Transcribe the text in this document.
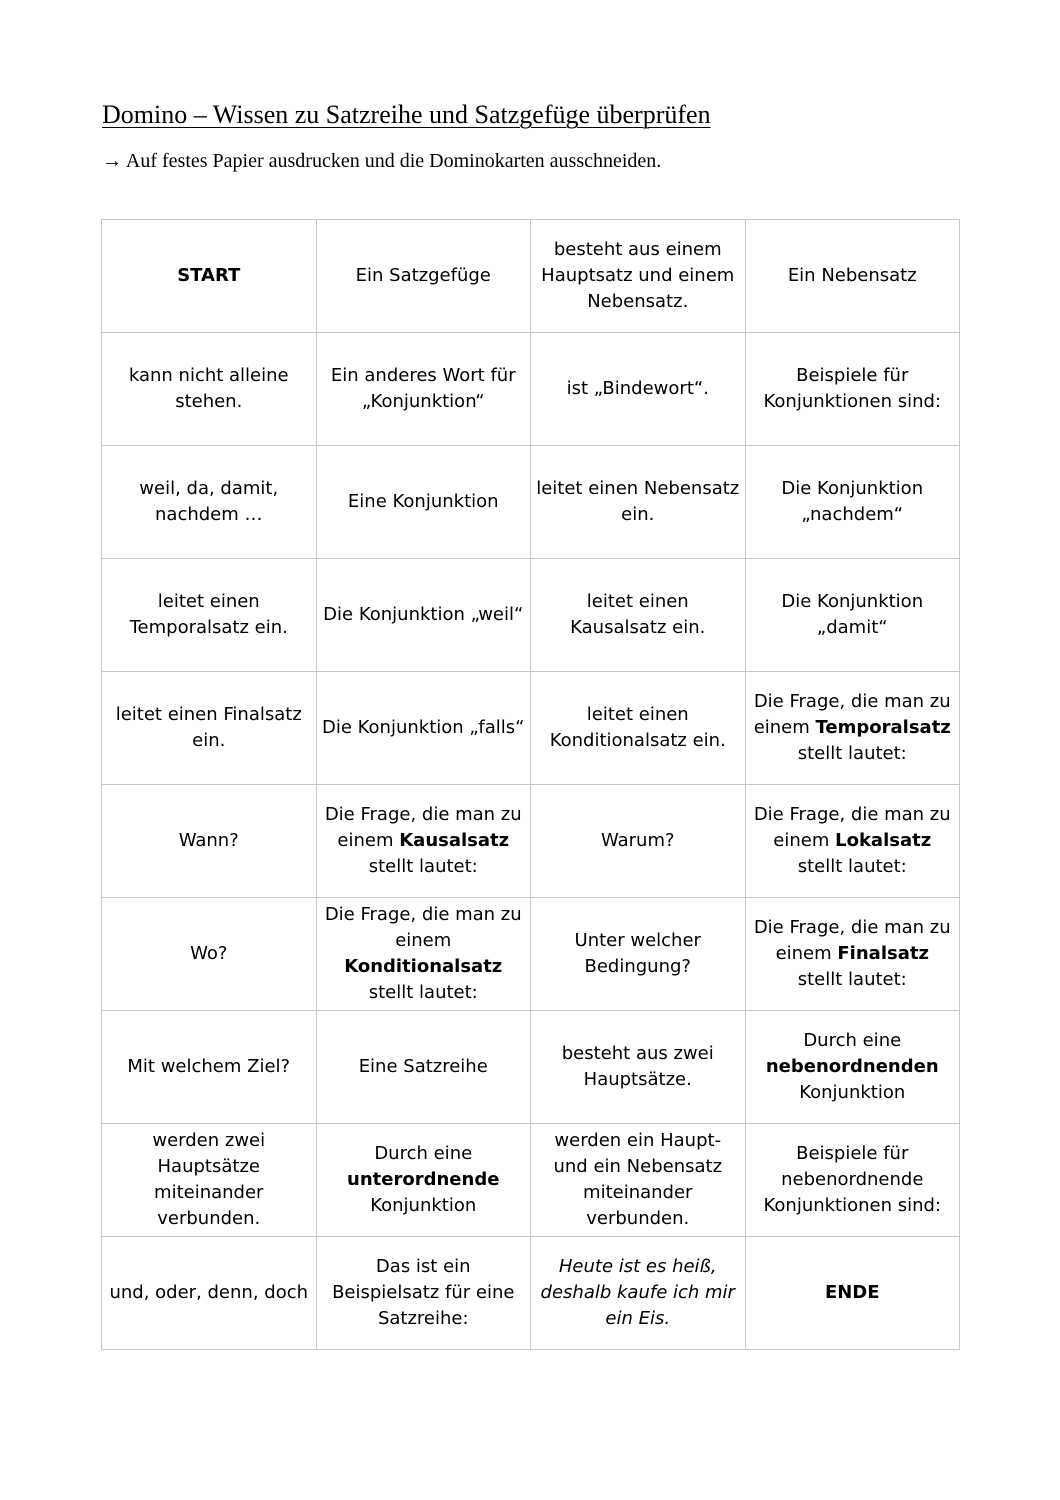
Domino – Wissen zu Satzreihe und Satzgefüge überprüfen

→ Auf festes Papier ausdrucken und die Dominokarten ausschneiden.

START	Ein Satzgefüge	besteht aus einem Hauptsatz und einem Nebensatz.	Ein Nebensatz
kann nicht alleine stehen.	Ein anderes Wort für „Konjunktion“	ist „Bindewort“.	Beispiele für Konjunktionen sind:
weil, da, damit, nachdem …	Eine Konjunktion	leitet einen Nebensatz ein.	Die Konjunktion „nachdem“
leitet einen Temporalsatz ein.	Die Konjunktion „weil“	leitet einen Kausalsatz ein.	Die Konjunktion „damit“
leitet einen Finalsatz ein.	Die Konjunktion „falls“	leitet einen Konditionalsatz ein.	Die Frage, die man zu einem Temporalsatz stellt lautet:
Wann?	Die Frage, die man zu einem Kausalsatz stellt lautet:	Warum?	Die Frage, die man zu einem Lokalsatz stellt lautet:
Wo?	Die Frage, die man zu einem Konditionalsatz stellt lautet:	Unter welcher Bedingung?	Die Frage, die man zu einem Finalsatz stellt lautet:
Mit welchem Ziel?	Eine Satzreihe	besteht aus zwei Hauptsätze.	Durch eine nebenordnenden Konjunktion
werden zwei Hauptsätze miteinander verbunden.	Durch eine unterordnende Konjunktion	werden ein Haupt- und ein Nebensatz miteinander verbunden.	Beispiele für nebenordnende Konjunktionen sind:
und, oder, denn, doch	Das ist ein Beispielsatz für eine Satzreihe:	Heute ist es heiß, deshalb kaufe ich mir ein Eis.	ENDE
